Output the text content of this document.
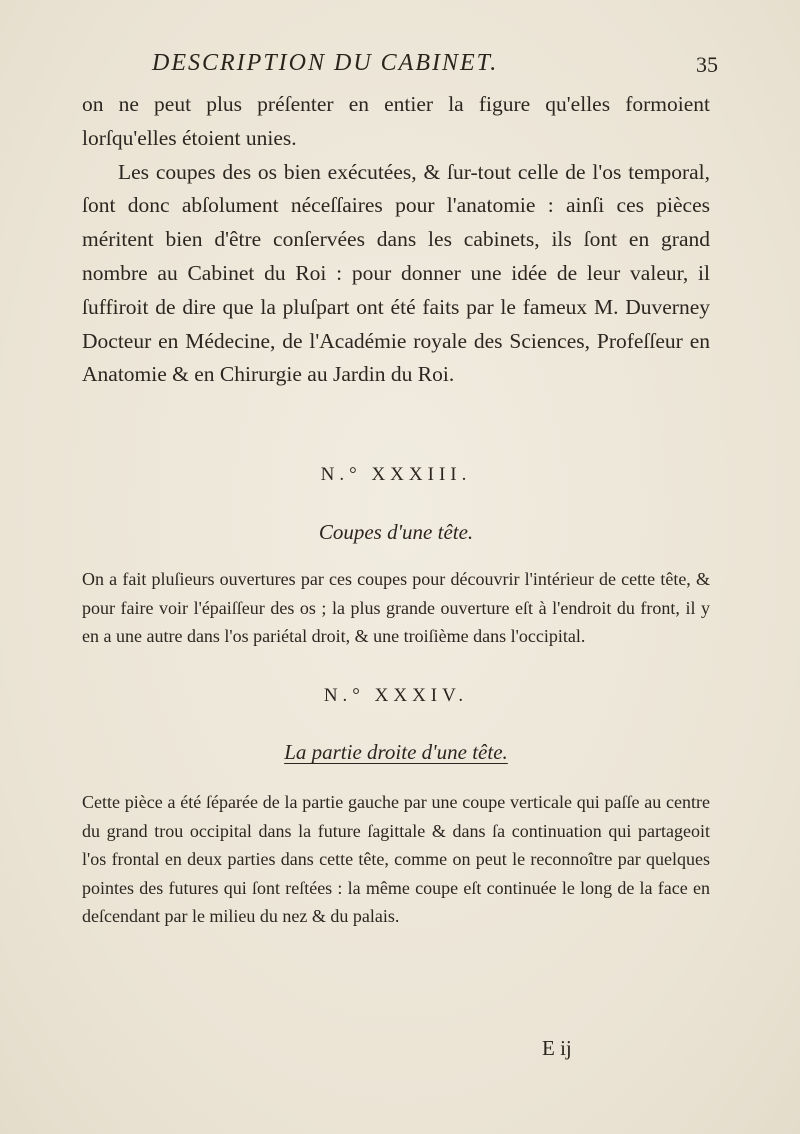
DESCRIPTION DU CABINET.	35

on ne peut plus préſenter en entier la figure qu'elles formoient lorſqu'elles étoient unies.

Les coupes des os bien exécutées, & ſur-tout celle de l'os temporal, ſont donc abſolument néceſſaires pour l'anatomie : ainſi ces pièces méritent bien d'être conſervées dans les cabinets, ils ſont en grand nombre au Cabinet du Roi : pour donner une idée de leur valeur, il ſuffiroit de dire que la pluſpart ont été faits par le fameux M. Duverney Docteur en Médecine, de l'Académie royale des Sciences, Profeſſeur en Anatomie & en Chirurgie au Jardin du Roi.

N.° XXXIII.
Coupes d'une tête.

On a fait pluſieurs ouvertures par ces coupes pour découvrir l'intérieur de cette tête, & pour faire voir l'épaiſſeur des os ; la plus grande ouverture eſt à l'endroit du front, il y en a une autre dans l'os pariétal droit, & une troiſième dans l'occipital.

N.° XXXIV.
La partie droite d'une tête.

Cette pièce a été ſéparée de la partie gauche par une coupe verticale qui paſſe au centre du grand trou occipital dans la future ſagittale & dans ſa continuation qui partageoit l'os frontal en deux parties dans cette tête, comme on peut le reconnoître par quelques pointes des futures qui ſont reſtées : la même coupe eſt continuée le long de la face en deſcendant par le milieu du nez & du palais.

E ij
